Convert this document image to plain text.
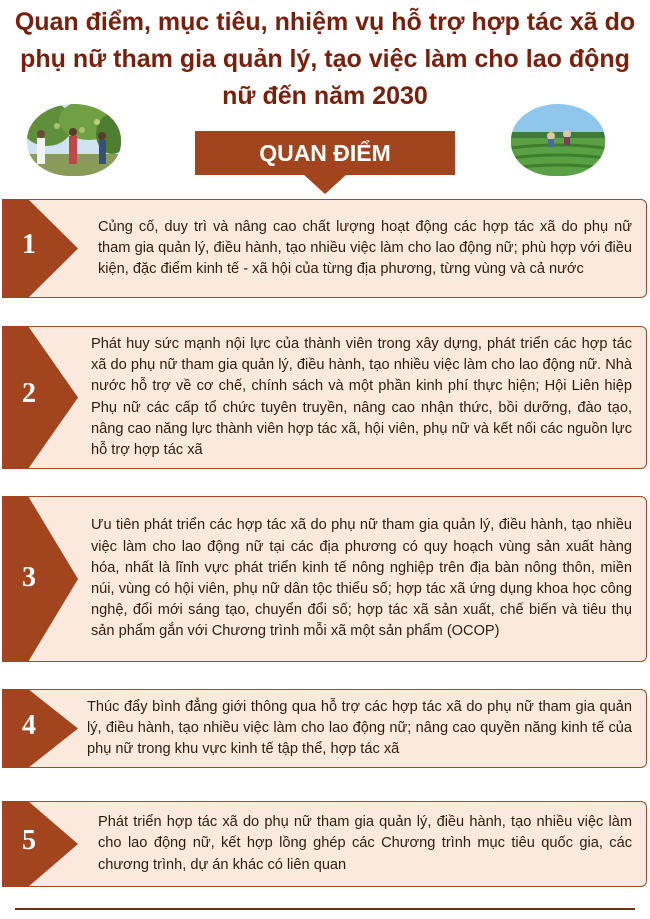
Quan điểm, mục tiêu, nhiệm vụ hỗ trợ hợp tác xã do phụ nữ tham gia quản lý, tạo việc làm cho lao động nữ đến năm 2030
QUAN ĐIỂM
1
Củng cố, duy trì và nâng cao chất lượng hoạt động các hợp tác xã do phụ nữ tham gia quản lý, điều hành, tạo nhiều việc làm cho lao động nữ; phù hợp với điều kiện, đặc điểm kinh tế - xã hội của từng địa phương, từng vùng và cả nước
2
Phát huy sức mạnh nội lực của thành viên trong xây dựng, phát triển các hợp tác xã do phụ nữ tham gia quản lý, điều hành, tạo nhiều việc làm cho lao động nữ. Nhà nước hỗ trợ về cơ chế, chính sách và một phần kinh phí thực hiện; Hội Liên hiệp Phụ nữ các cấp tổ chức tuyên truyền, nâng cao nhận thức, bồi dưỡng, đào tạo, nâng cao năng lực thành viên hợp tác xã, hội viên, phụ nữ và kết nối các nguồn lực hỗ trợ hợp tác xã
3
Ưu tiên phát triển các hợp tác xã do phụ nữ tham gia quản lý, điều hành, tạo nhiều việc làm cho lao động nữ tại các địa phương có quy hoạch vùng sản xuất hàng hóa, nhất là lĩnh vực phát triển kinh tế nông nghiệp trên địa bàn nông thôn, miền núi, vùng có hội viên, phụ nữ dân tộc thiểu số; hợp tác xã ứng dụng khoa học công nghệ, đổi mới sáng tạo, chuyển đổi số; hợp tác xã sản xuất, chế biến và tiêu thụ sản phẩm gắn với Chương trình mỗi xã một sản phẩm (OCOP)
4
Thúc đẩy bình đẳng giới thông qua hỗ trợ các hợp tác xã do phụ nữ tham gia quản lý, điều hành, tạo nhiều việc làm cho lao động nữ; nâng cao quyền năng kinh tế của phụ nữ trong khu vực kinh tế tập thể, hợp tác xã
5
Phát triển hợp tác xã do phụ nữ tham gia quản lý, điều hành, tạo nhiều việc làm cho lao động nữ, kết hợp lồng ghép các Chương trình mục tiêu quốc gia, các chương trình, dự án khác có liên quan
